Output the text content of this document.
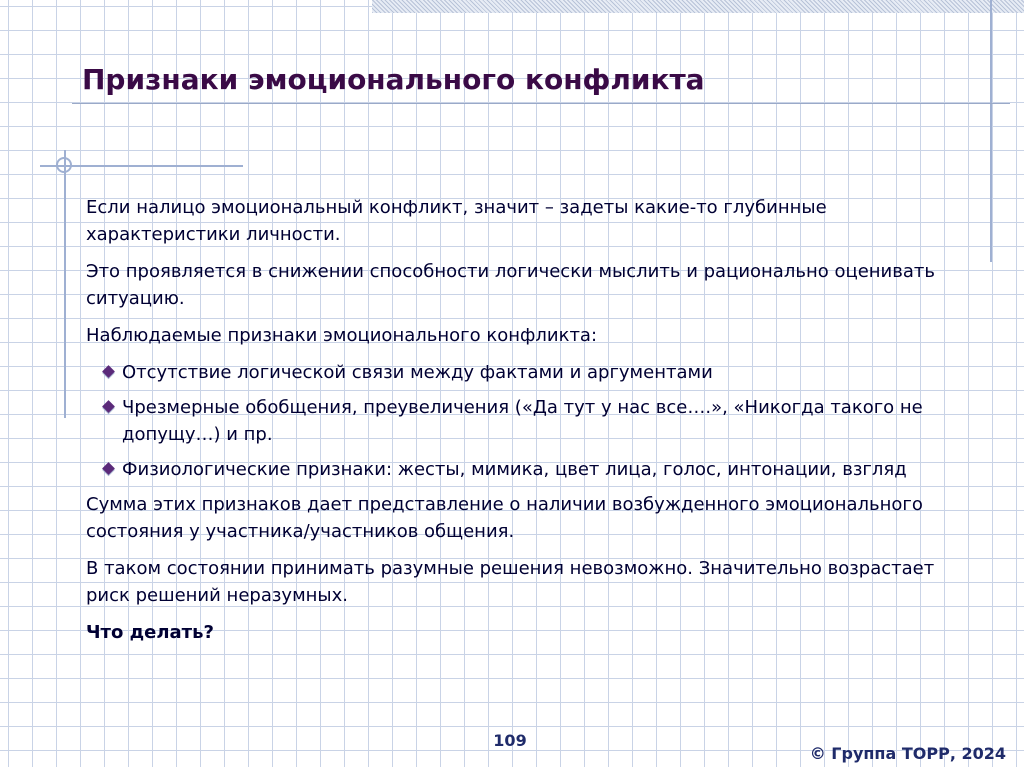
Признаки эмоционального конфликта

Если налицо эмоциональный конфликт, значит – задеты какие-то глубинные характеристики личности.

Это проявляется в снижении способности логически мыслить и рационально оценивать ситуацию.

Наблюдаемые признаки эмоционального конфликта:

Отсутствие логической связи между фактами и аргументами
Чрезмерные обобщения, преувеличения («Да тут у нас все….», «Никогда такого не допущу…) и пр.
Физиологические признаки: жесты, мимика, цвет лица, голос, интонации, взгляд

Сумма этих признаков дает представление о наличии возбужденного эмоционального состояния у участника/участников общения.

В таком состоянии принимать разумные решения невозможно. Значительно возрастает риск решений неразумных.

Что делать?

109
© Группа ТОРР, 2024
